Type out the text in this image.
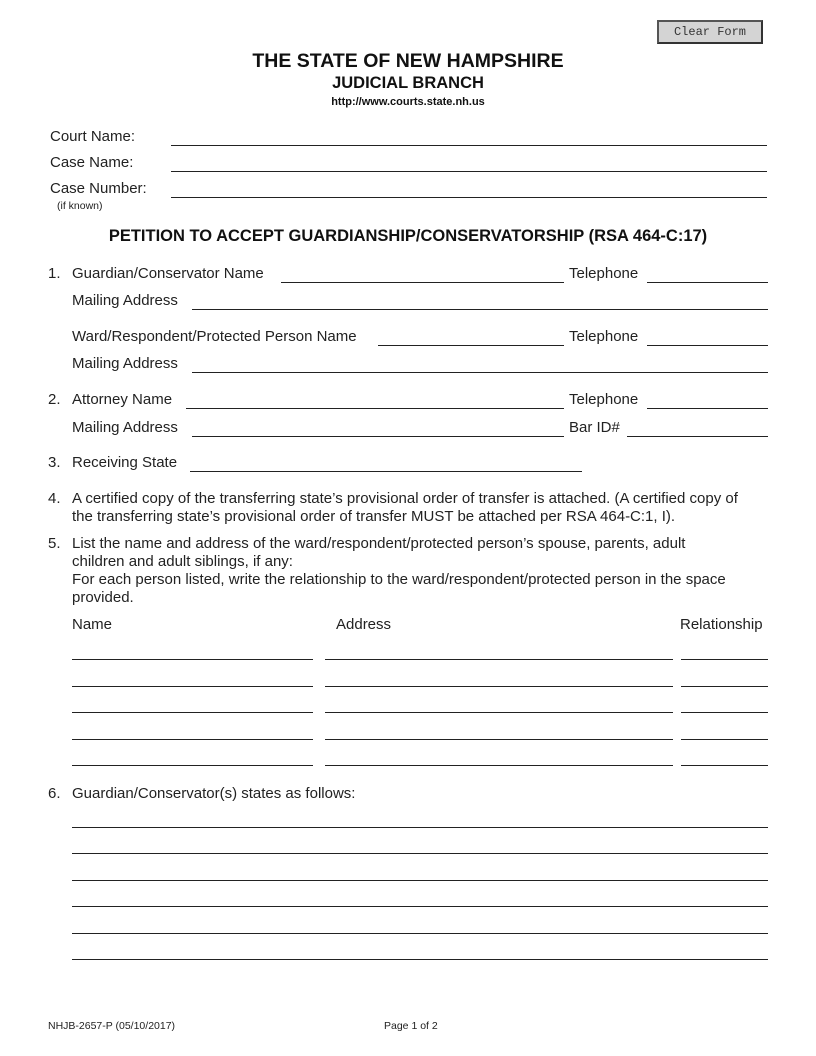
Clear Form
THE STATE OF NEW HAMPSHIRE
JUDICIAL BRANCH
http://www.courts.state.nh.us
Court Name:
Case Name:
Case Number:
(if known)
PETITION TO ACCEPT GUARDIANSHIP/CONSERVATORSHIP (RSA 464-C:17)
1. Guardian/Conservator Name	Telephone
Mailing Address
Ward/Respondent/Protected Person Name	Telephone
Mailing Address
2. Attorney Name	Telephone
Mailing Address	Bar ID#
3. Receiving State
4. A certified copy of the transferring state’s provisional order of transfer is attached. (A certified copy of
the transferring state’s provisional order of transfer MUST be attached per RSA 464-C:1, I).
5. List the name and address of the ward/respondent/protected person’s spouse, parents, adult
children and adult siblings, if any:
For each person listed, write the relationship to the ward/respondent/protected person in the space
provided.
Name	Address	Relationship
6. Guardian/Conservator(s) states as follows:
NHJB-2657-P (05/10/2017)	Page 1 of 2
